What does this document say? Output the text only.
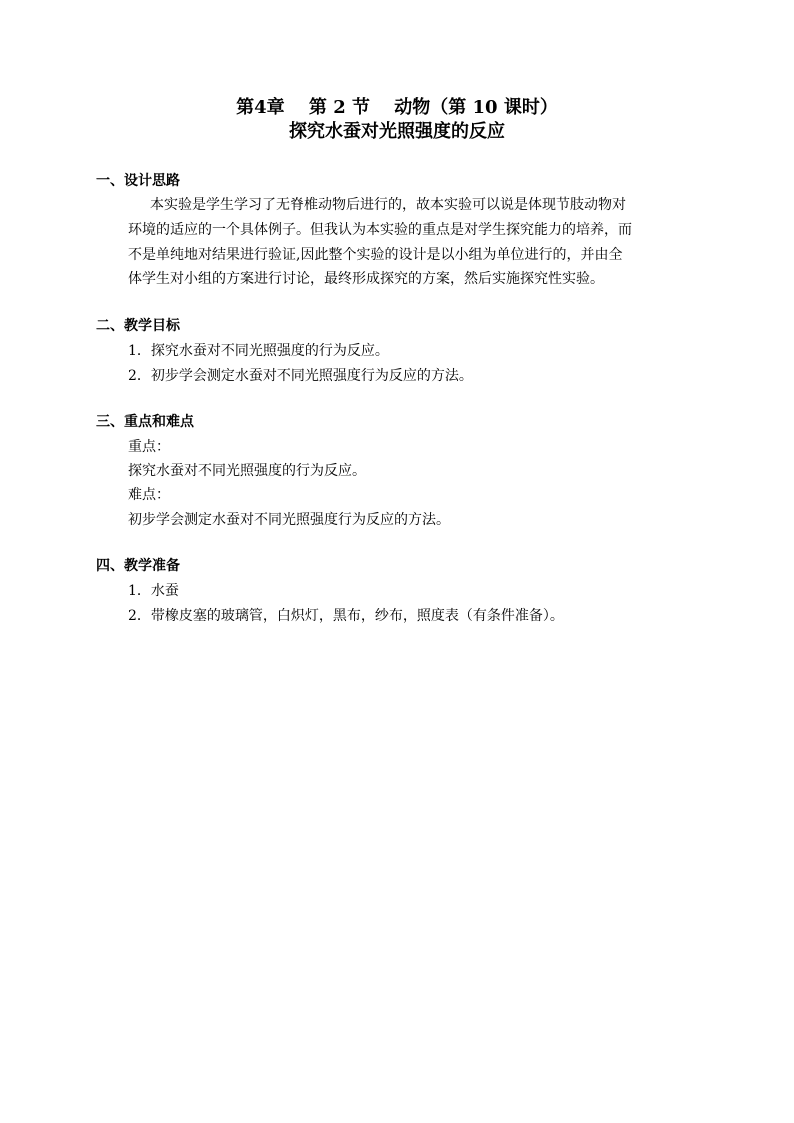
第4章　 第 2 节　 动物（第 10 课时）
探究水蚕对光照强度的反应
一、设计思路
本实验是学生学习了无脊椎动物后进行的，故本实验可以说是体现节肢动物对
环境的适应的一个具体例子。但我认为本实验的重点是对学生探究能力的培养，而
不是单纯地对结果进行验证,因此整个实验的设计是以小组为单位进行的，并由全
体学生对小组的方案进行讨论，最终形成探究的方案，然后实施探究性实验。
二、教学目标
1．探究水蚕对不同光照强度的行为反应。
2．初步学会测定水蚕对不同光照强度行为反应的方法。
三、重点和难点
重点：
探究水蚕对不同光照强度的行为反应。
难点：
初步学会测定水蚕对不同光照强度行为反应的方法。
四、教学准备
1．水蚕
2．带橡皮塞的玻璃管，白炽灯，黑布，纱布，照度表（有条件准备）。
